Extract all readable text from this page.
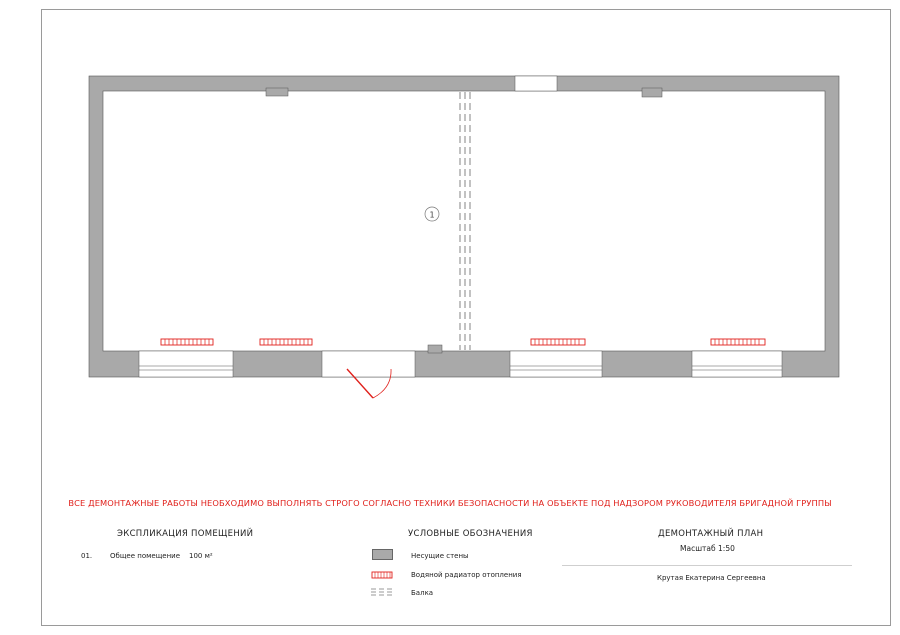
1
ВСЕ ДЕМОНТАЖНЫЕ РАБОТЫ НЕОБХОДИМО ВЫПОЛНЯТЬ СТРОГО СОГЛАСНО ТЕХНИКИ БЕЗОПАСНОСТИ НА ОБЪЕКТЕ ПОД НАДЗОРОМ РУКОВОДИТЕЛЯ БРИГАДНОЙ ГРУППЫ
ЭКСПЛИКАЦИЯ ПОМЕЩЕНИЙ
01.	Общее помещение 100 м²
УСЛОВНЫЕ ОБОЗНАЧЕНИЯ
Несущие стены
Водяной радиатор отопления
Балка
ДЕМОНТАЖНЫЙ ПЛАН
Масштаб 1:50
Крутая Екатерина Сергеевна
